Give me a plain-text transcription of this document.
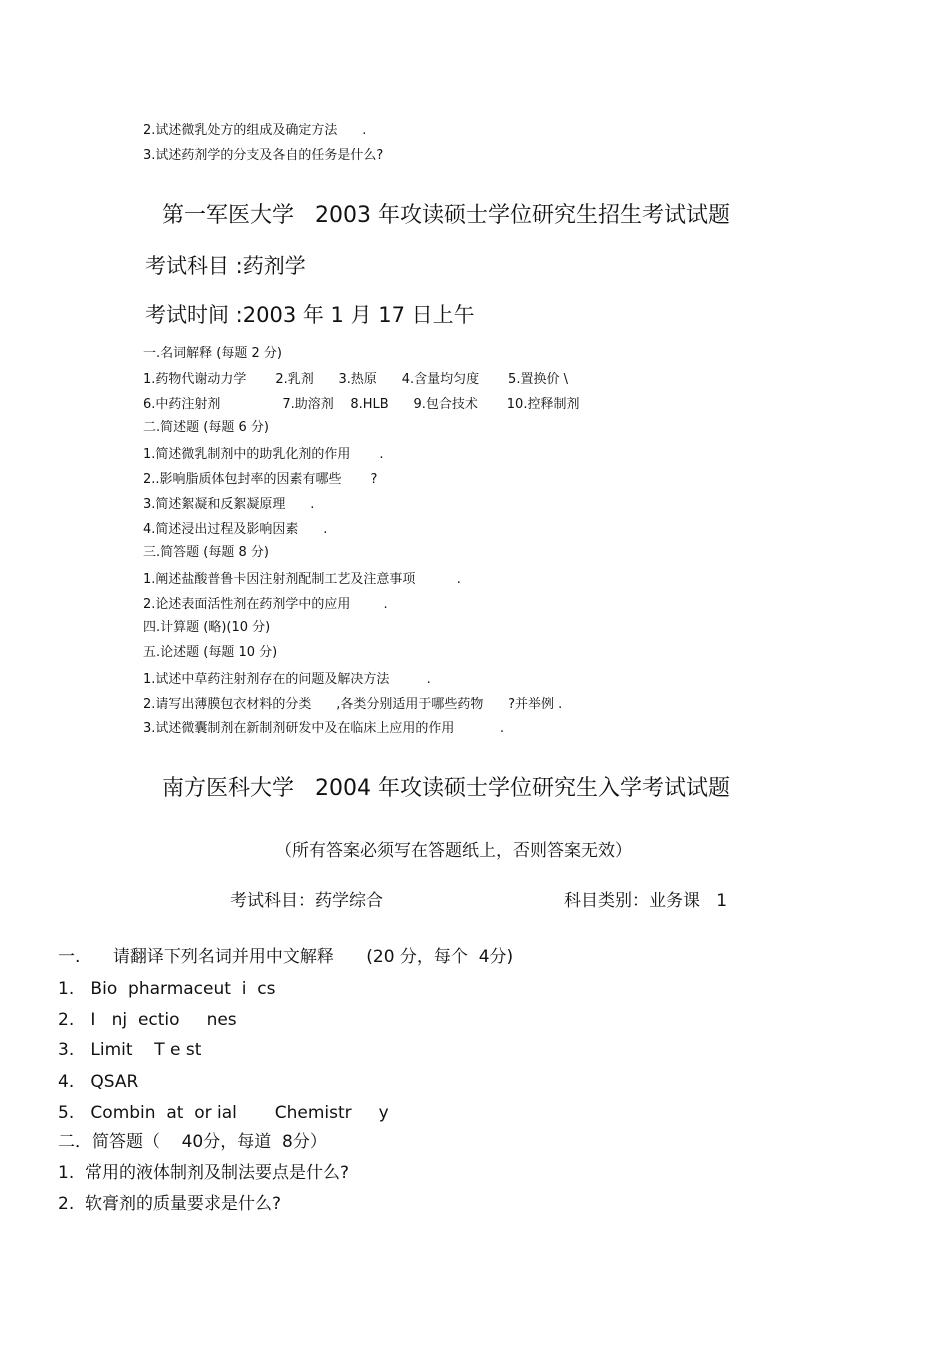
2.试述微乳处方的组成及确定方法      .

3.试述药剂学的分支及各自的任务是什么?

第一军医大学   2003 年攻读硕士学位研究生招生考试试题

考试科目 :药剂学

考试时间 :2003 年 1 月 17 日上午

一.名词解释 (每题 2 分)

1.药物代谢动力学       2.乳剂      3.热原      4.含量均匀度       5.置换价 \

6.中药注射剂               7.助溶剂    8.HLB      9.包合技术       10.控释制剂

二.简述题 (每题 6 分)

1.简述微乳制剂中的助乳化剂的作用       .

2..影响脂质体包封率的因素有哪些       ?

3.简述絮凝和反絮凝原理      .

4.简述浸出过程及影响因素      .

三.简答题 (每题 8 分)

1.阐述盐酸普鲁卡因注射剂配制工艺及注意事项          .

2.论述表面活性剂在药剂学中的应用        .

四.计算题 (略)(10 分)

五.论述题 (每题 10 分)

1.试述中草药注射剂存在的问题及解决方法         .

2.请写出薄膜包衣材料的分类      ,各类分别适用于哪些药物      ?并举例 .

3.试述微囊制剂在新制剂研发中及在临床上应用的作用           .

南方医科大学   2004 年攻读硕士学位研究生入学考试试题

（所有答案必须写在答题纸上，否则答案无效）

考试科目：药学综合	科目类别：业务课   1

一.      请翻译下列名词并用中文解释      (20 分，每个  4分)

1.   Bio  pharmaceut  i  cs

2.   I   nj  ectio     nes

3.   Limit    T e st

4.   QSAR

5.   Combin  at  or ial       Chemistr     y

二．简答题（    40分，每道  8分）

1.  常用的液体制剂及制法要点是什么?

2.  软膏剂的质量要求是什么?
